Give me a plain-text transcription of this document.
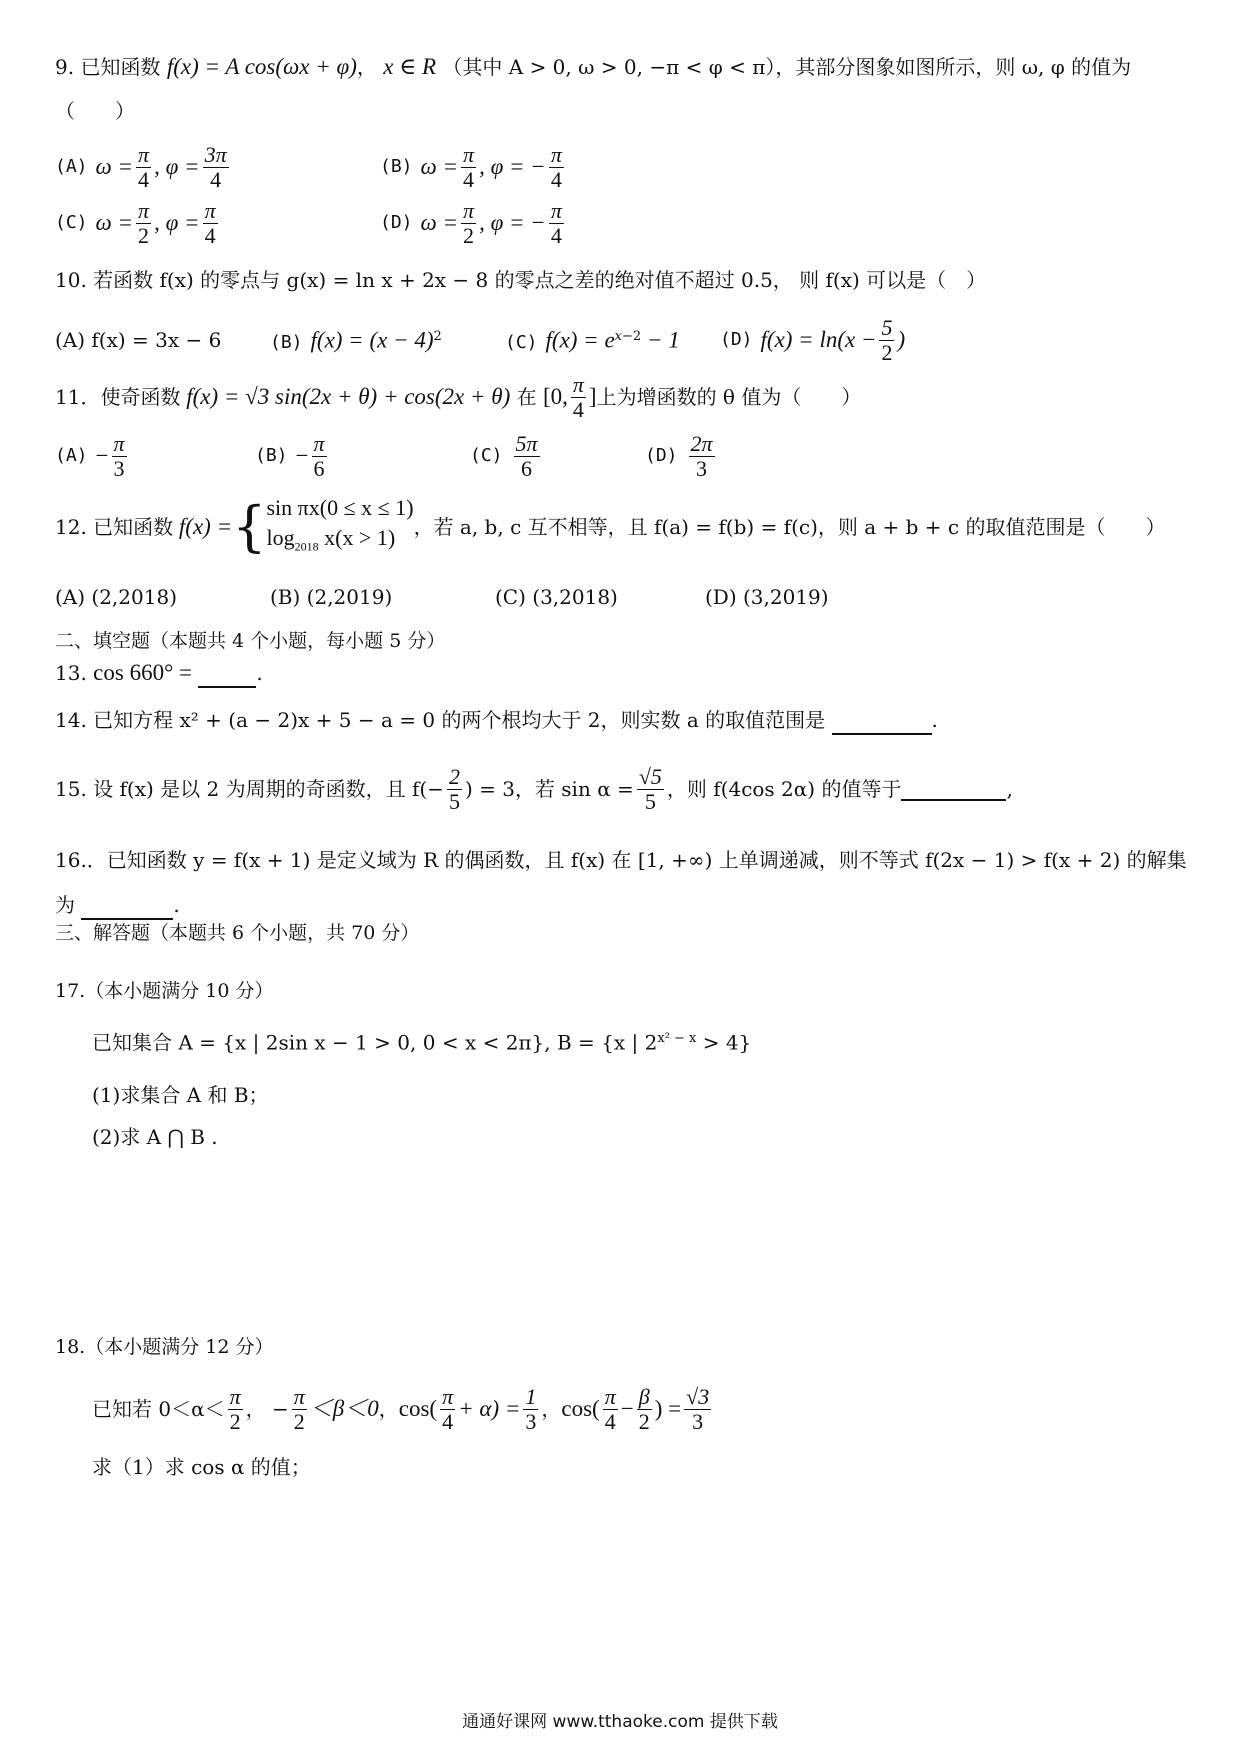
9. 已知函数 f(x) = A cos(ωx + φ)， x ∈ R （其中 A > 0, ω > 0, −π < φ < π），其部分图象如图所示，则 ω, φ 的值为
（　　）
(A) $\omega = \frac{\pi}{4}$ , $\varphi = \frac{3\pi}{4}$	(B) $\omega = \frac{\pi}{4}$ , φ = − $\frac{\pi}{4}$
(C) $\omega = \frac{\pi}{2}$ , $\varphi = \frac{\pi}{4}$	(D) $\omega = \frac{\pi}{2}$ , φ = − $\frac{\pi}{4}$
10. 若函数 f(x) 的零点与 g(x) = ln x + 2x − 8 的零点之差的绝对值不超过 0.5， 则 f(x) 可以是（　）
(A) f(x) = 3x − 6	(B) $f(x) = (x - 4)^2$	(C) $f(x) = e^{x-2} - 1$	(D) $f(x) = \ln(x - \frac{5}{2}$ )
11．使奇函数 f(x) = √3 sin(2x + θ) + cos(2x + θ) 在 [0, $\frac{\pi}{4}$ ] 上为增函数的 θ 值为（　　）
$(A) - \frac{\pi}{3}$	$(B) - \frac{\pi}{6}$	$(C) \frac{5\pi}{6}$	$(D) \frac{2\pi}{3}$
12. 已知函数 f(x) = { sin πx(0 ≤ x ≤ 1)
$\log_{2018} x(x > 1)$ ，若 a, b, c 互不相等，且 f(a) = f(b) = f(c)，则 a + b + c 的取值范围是（　　）
(A) (2,2018)	(B) (2,2019)	(C) (3,2018)	(D) (3,2019)
二、填空题（本题共 4 个小题，每小题 5 分）
13. cos 660° =	.
14. 已知方程 x² + (a − 2)x + 5 − a = 0 的两个根均大于 2，则实数 a 的取值范围是	.
15. 设 f(x) 是以 2 为周期的奇函数，且 $f(- \frac{2}{5}$ ) = 3，若 $\sin \alpha = \frac{√5}{5}$ ，则 f(4cos 2α) 的值等于	,
16.．已知函数 y = f(x + 1) 是定义域为 R 的偶函数，且 f(x) 在 [1, +∞) 上单调递减，则不等式 f(2x − 1) > f(x + 2) 的解集
为	.
三、解答题（本题共 6 个小题，共 70 分）
17.（本小题满分 10 分）
已知集合 A = {x | 2sin x − 1 > 0, 0 < x < 2π}, B = {x | $2^{x^2 - x} > 4$}
(1)求集合 A 和 B；
(2)求 A ⋂ B .
18.（本小题满分 12 分）
已知若 $0<\alpha< \frac{\pi}{2}$ ， − $\frac{\pi}{2} <\beta<0$ ， $\cos( \frac{\pi}{4} + \alpha) = \frac{1}{3}$ ， $\cos( \frac{\pi}{4} - \frac{\beta}{2}$ ) = $\frac{√3}{3}$
求（1）求 cos α 的值；
通通好课网 www.tthaoke.com 提供下载
